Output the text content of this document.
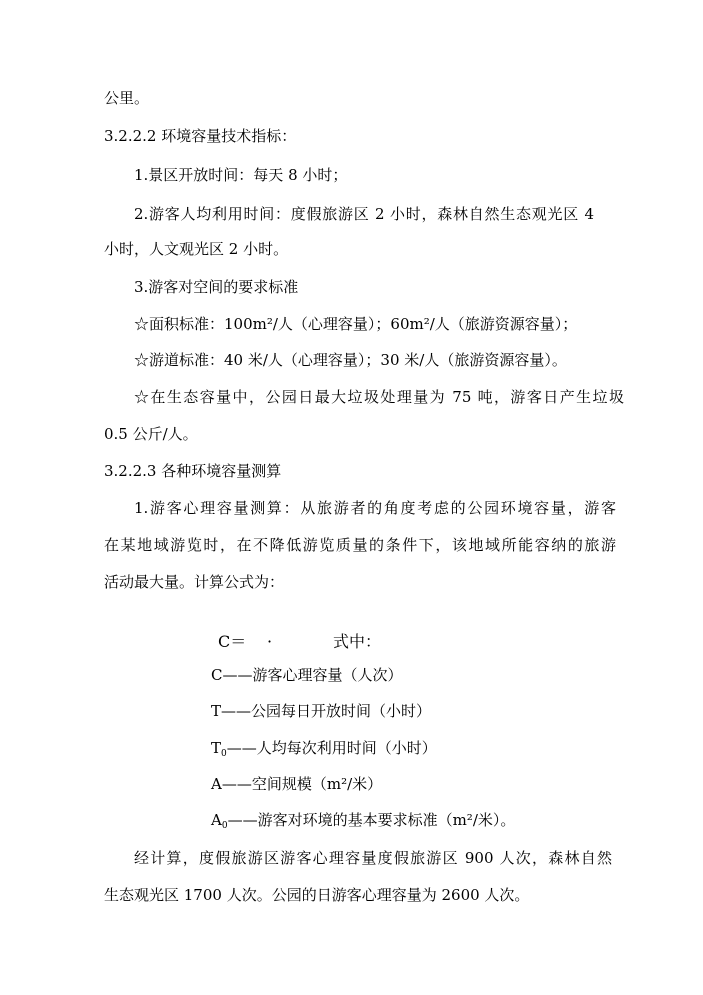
公里。
3.2.2.2 环境容量技术指标：
1.景区开放时间：每天 8 小时；
2.游客人均利用时间：度假旅游区 2 小时，森林自然生态观光区 4
小时，人文观光区 2 小时。
3.游客对空间的要求标准
☆面积标准：100m²/人（心理容量）；60m²/人（旅游资源容量）；
☆游道标准：40 米/人（心理容量）；30 米/人（旅游资源容量）。
☆在生态容量中，公园日最大垃圾处理量为 75 吨，游客日产生垃圾
0.5 公斤/人。
3.2.2.3 各种环境容量测算
1.游客心理容量测算：从旅游者的角度考虑的公园环境容量，游客
在某地域游览时，在不降低游览质量的条件下，该地域所能容纳的旅游
活动最大量。计算公式为：
C＝ ·	式中：
C——游客心理容量（人次）
T——公园每日开放时间（小时）
$T_0——$人均每次利用时间（小时）
A——空间规模（m²/米）
$A_0——$游客对环境的基本要求标准（m²/米）。
经计算，度假旅游区游客心理容量度假旅游区 900 人次，森林自然
生态观光区 1700 人次。公园的日游客心理容量为 2600 人次。
